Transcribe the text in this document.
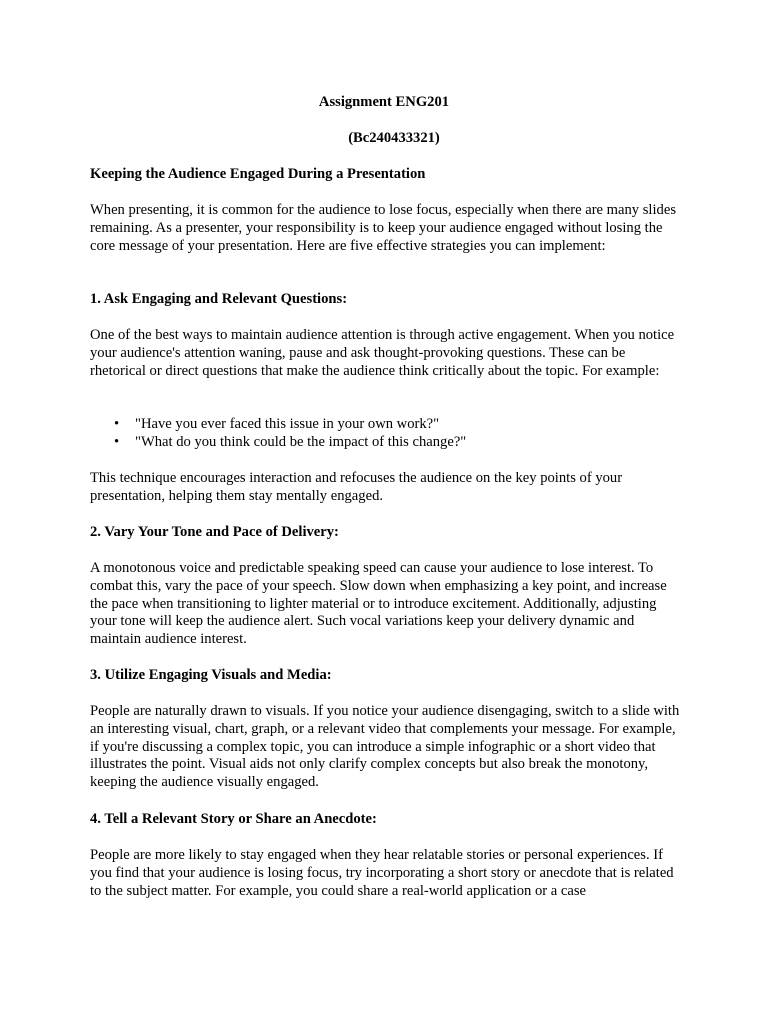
Assignment ENG201

(Bc240433321)

Keeping the Audience Engaged During a Presentation

When presenting, it is common for the audience to lose focus, especially when there are many slides remaining. As a presenter, your responsibility is to keep your audience engaged without losing the core message of your presentation. Here are five effective strategies you can implement:

1. Ask Engaging and Relevant Questions:

One of the best ways to maintain audience attention is through active engagement. When you notice your audience's attention waning, pause and ask thought-provoking questions. These can be rhetorical or direct questions that make the audience think critically about the topic. For example:

• "Have you ever faced this issue in your own work?"
• "What do you think could be the impact of this change?"

This technique encourages interaction and refocuses the audience on the key points of your presentation, helping them stay mentally engaged.

2. Vary Your Tone and Pace of Delivery:

A monotonous voice and predictable speaking speed can cause your audience to lose interest. To combat this, vary the pace of your speech. Slow down when emphasizing a key point, and increase the pace when transitioning to lighter material or to introduce excitement. Additionally, adjusting your tone will keep the audience alert. Such vocal variations keep your delivery dynamic and maintain audience interest.

3. Utilize Engaging Visuals and Media:

People are naturally drawn to visuals. If you notice your audience disengaging, switch to a slide with an interesting visual, chart, graph, or a relevant video that complements your message. For example, if you're discussing a complex topic, you can introduce a simple infographic or a short video that illustrates the point. Visual aids not only clarify complex concepts but also break the monotony, keeping the audience visually engaged.

4. Tell a Relevant Story or Share an Anecdote:

People are more likely to stay engaged when they hear relatable stories or personal experiences. If you find that your audience is losing focus, try incorporating a short story or anecdote that is related to the subject matter. For example, you could share a real-world application or a case
